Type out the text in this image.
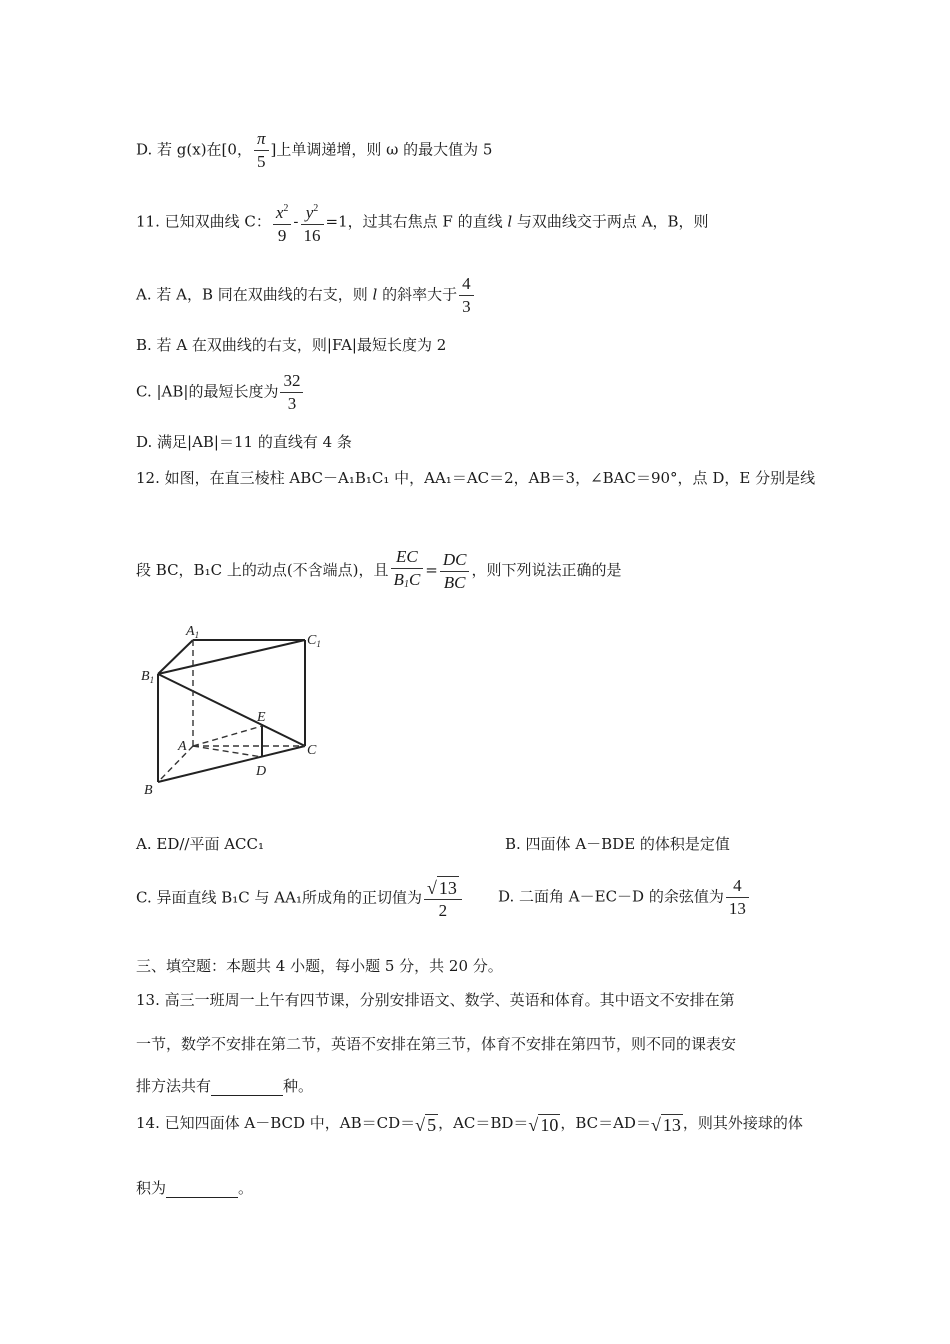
D. 若 g(x)在[0， $\frac{\pi}{5}$ ]上单调递增，则 ω 的最大值为 5
11. 已知双曲线 C： $\frac{x^2}{9} - \frac{y^2}{16} =1$，过其右焦点 F 的直线 l 与双曲线交于两点 A，B，则
A. 若 A，B 同在双曲线的右支，则 l 的斜率大于 $\frac{4}{3}$
B. 若 A 在双曲线的右支，则|FA|最短长度为 2
C. |AB|的最短长度为 $\frac{32}{3}$
D. 满足|AB|＝11 的直线有 4 条
12. 如图，在直三棱柱 ABC－A₁B₁C₁ 中，AA₁＝AC＝2，AB＝3，∠BAC＝90°，点 D，E 分别是线
段 BC，B₁C 上的动点(不含端点)，且 $\frac{EC}{B_1C} = \frac{DC}{BC}$ ，则下列说法正确的是
$A_1$	$C_1$
$B_1$
E
A	C
D
B
A. ED//平面 ACC₁	B. 四面体 A－BDE 的体积是定值
C. 异面直线 B₁C 与 AA₁所成角的正切值为 $\frac{√ 13}{2} D$. 二面角 A－EC－D 的余弦值为 $\frac{4}{13}$
三、填空题：本题共 4 小题，每小题 5 分，共 20 分。
13. 高三一班周一上午有四节课，分别安排语文、数学、英语和体育。其中语文不安排在第
一节，数学不安排在第二节，英语不安排在第三节，体育不安排在第四节，则不同的课表安
排方法共有	种。
14. 已知四面体 A－BCD 中，AB＝CD＝√ 5 ，AC＝BD＝√ 10 ，BC＝AD＝√ 13 ，则其外接球的体
积为	。
